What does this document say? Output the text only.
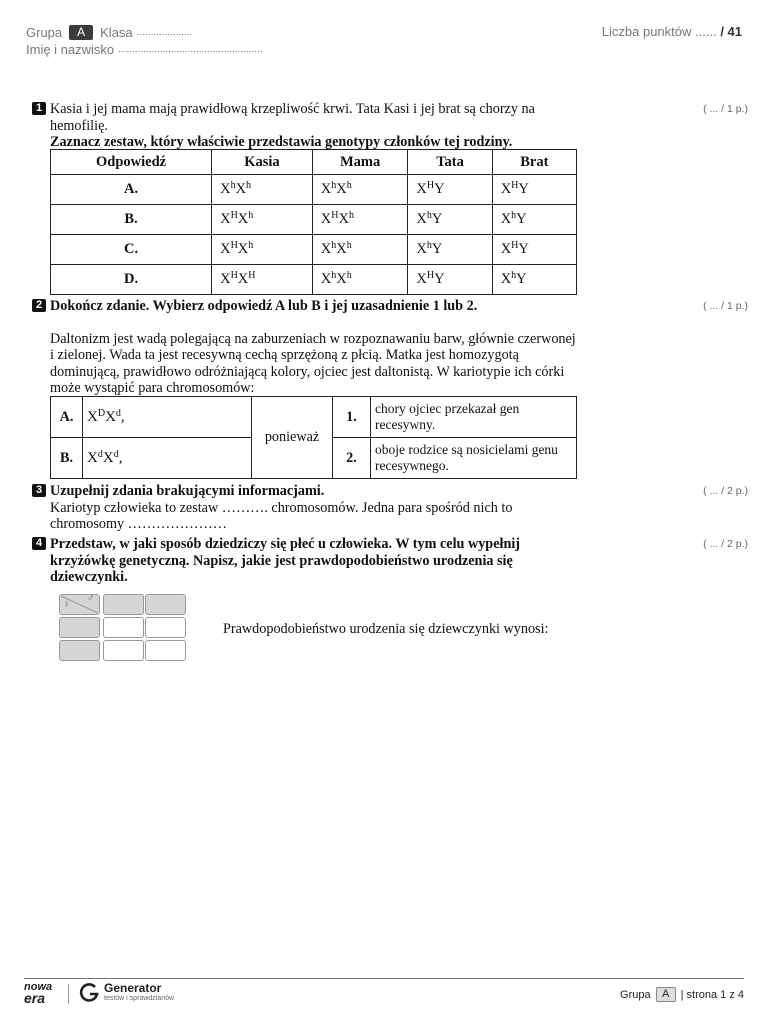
Grupa	A	Klasa ....................
Imię i nazwisko ....................................................
Liczba punktów ...... / 41
1 Kasia i jej mama mają prawidłową krzepliwość krwi. Tata Kasi i jej brat są chorzy na hemofilię.
Zaznacz zestaw, który właściwie przedstawia genotypy członków tej rodziny.
( ... / 1 p.)
Odpowiedź	Kasia	Mama	Tata	Brat
A.	$X^hX^h$	$X^hX^h$	$X^HY$	$X^HY$
B.	$X^HX^h$	$X^HX^h$	$X^hY$	$X^hY$
C.	$X^HX^h$	$X^hX^h$	$X^hY$	$X^HY$
D.	$X^HX^H$	$X^hX^h$	$X^HY$	$X^hY$
2 Dokończ zdanie. Wybierz odpowiedź A lub B i jej uzasadnienie 1 lub 2.
Daltonizm jest wadą polegającą na zaburzeniach w rozpoznawaniu barw, głównie czerwonej i zielonej. Wada ta jest recesywną cechą sprzężoną z płcią. Matka jest homozygotą dominującą, prawidłowo odróżniającą kolory, ojciec jest daltonistą. W kariotypie ich córki może wystąpić para chromosomów:
( ... / 1 p.)
A.	$X^DX^d$,	ponieważ	1.	chory ojciec przekazał gen recesywny.
B.	$X^dX^d$,		2.	oboje rodzice są nosicielami genu recesywnego.
3 Uzupełnij zdania brakującymi informacjami.
Kariotyp człowieka to zestaw ………. chromosomów. Jedna para spośród nich to
chromosomy …………………
( ... / 2 p.)
4 Przedstaw, w jaki sposób dziedziczy się płeć u człowieka. W tym celu wypełnij krzyżówkę genetyczną. Napisz, jakie jest prawdopodobieństwo urodzenia się dziewczynki.
( ... / 2 p.)
♀
♂
Prawdopodobieństwo urodzenia się dziewczynki wynosi:
nowa
era
Generator
testów i sprawdzianów	Grupa	A	| strona 1 z 4
